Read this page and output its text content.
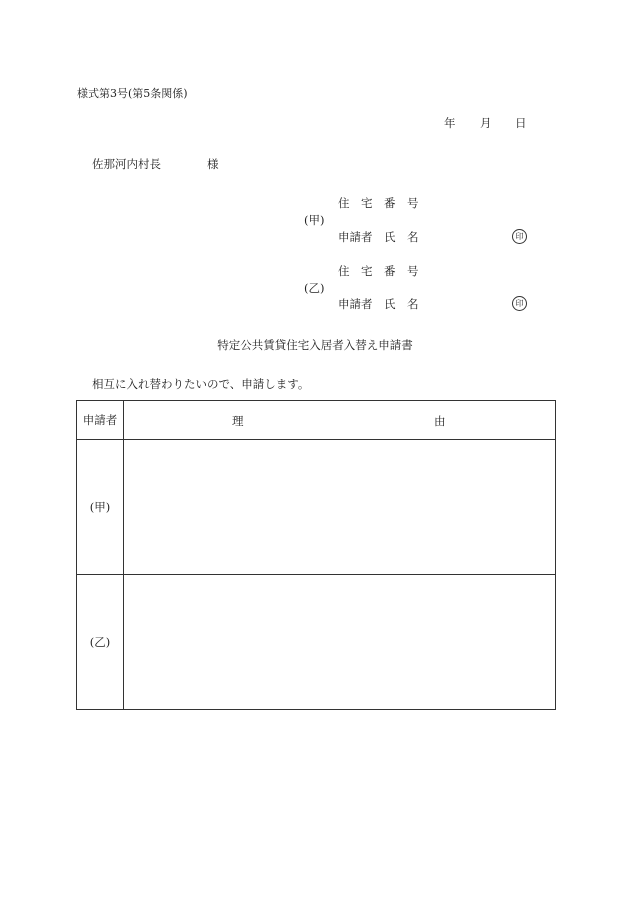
様式第3号(第5条関係)
年 月 日
佐那河内村長	様
住　宅　番　号
(甲)
申請者　氏　名	印
住　宅　番　号
(乙)
申請者　氏　名	印
特定公共賃貸住宅入居者入替え申請書
相互に入れ替わりたいので、申請します。
申請者	理 由

(甲)	
(乙)	
